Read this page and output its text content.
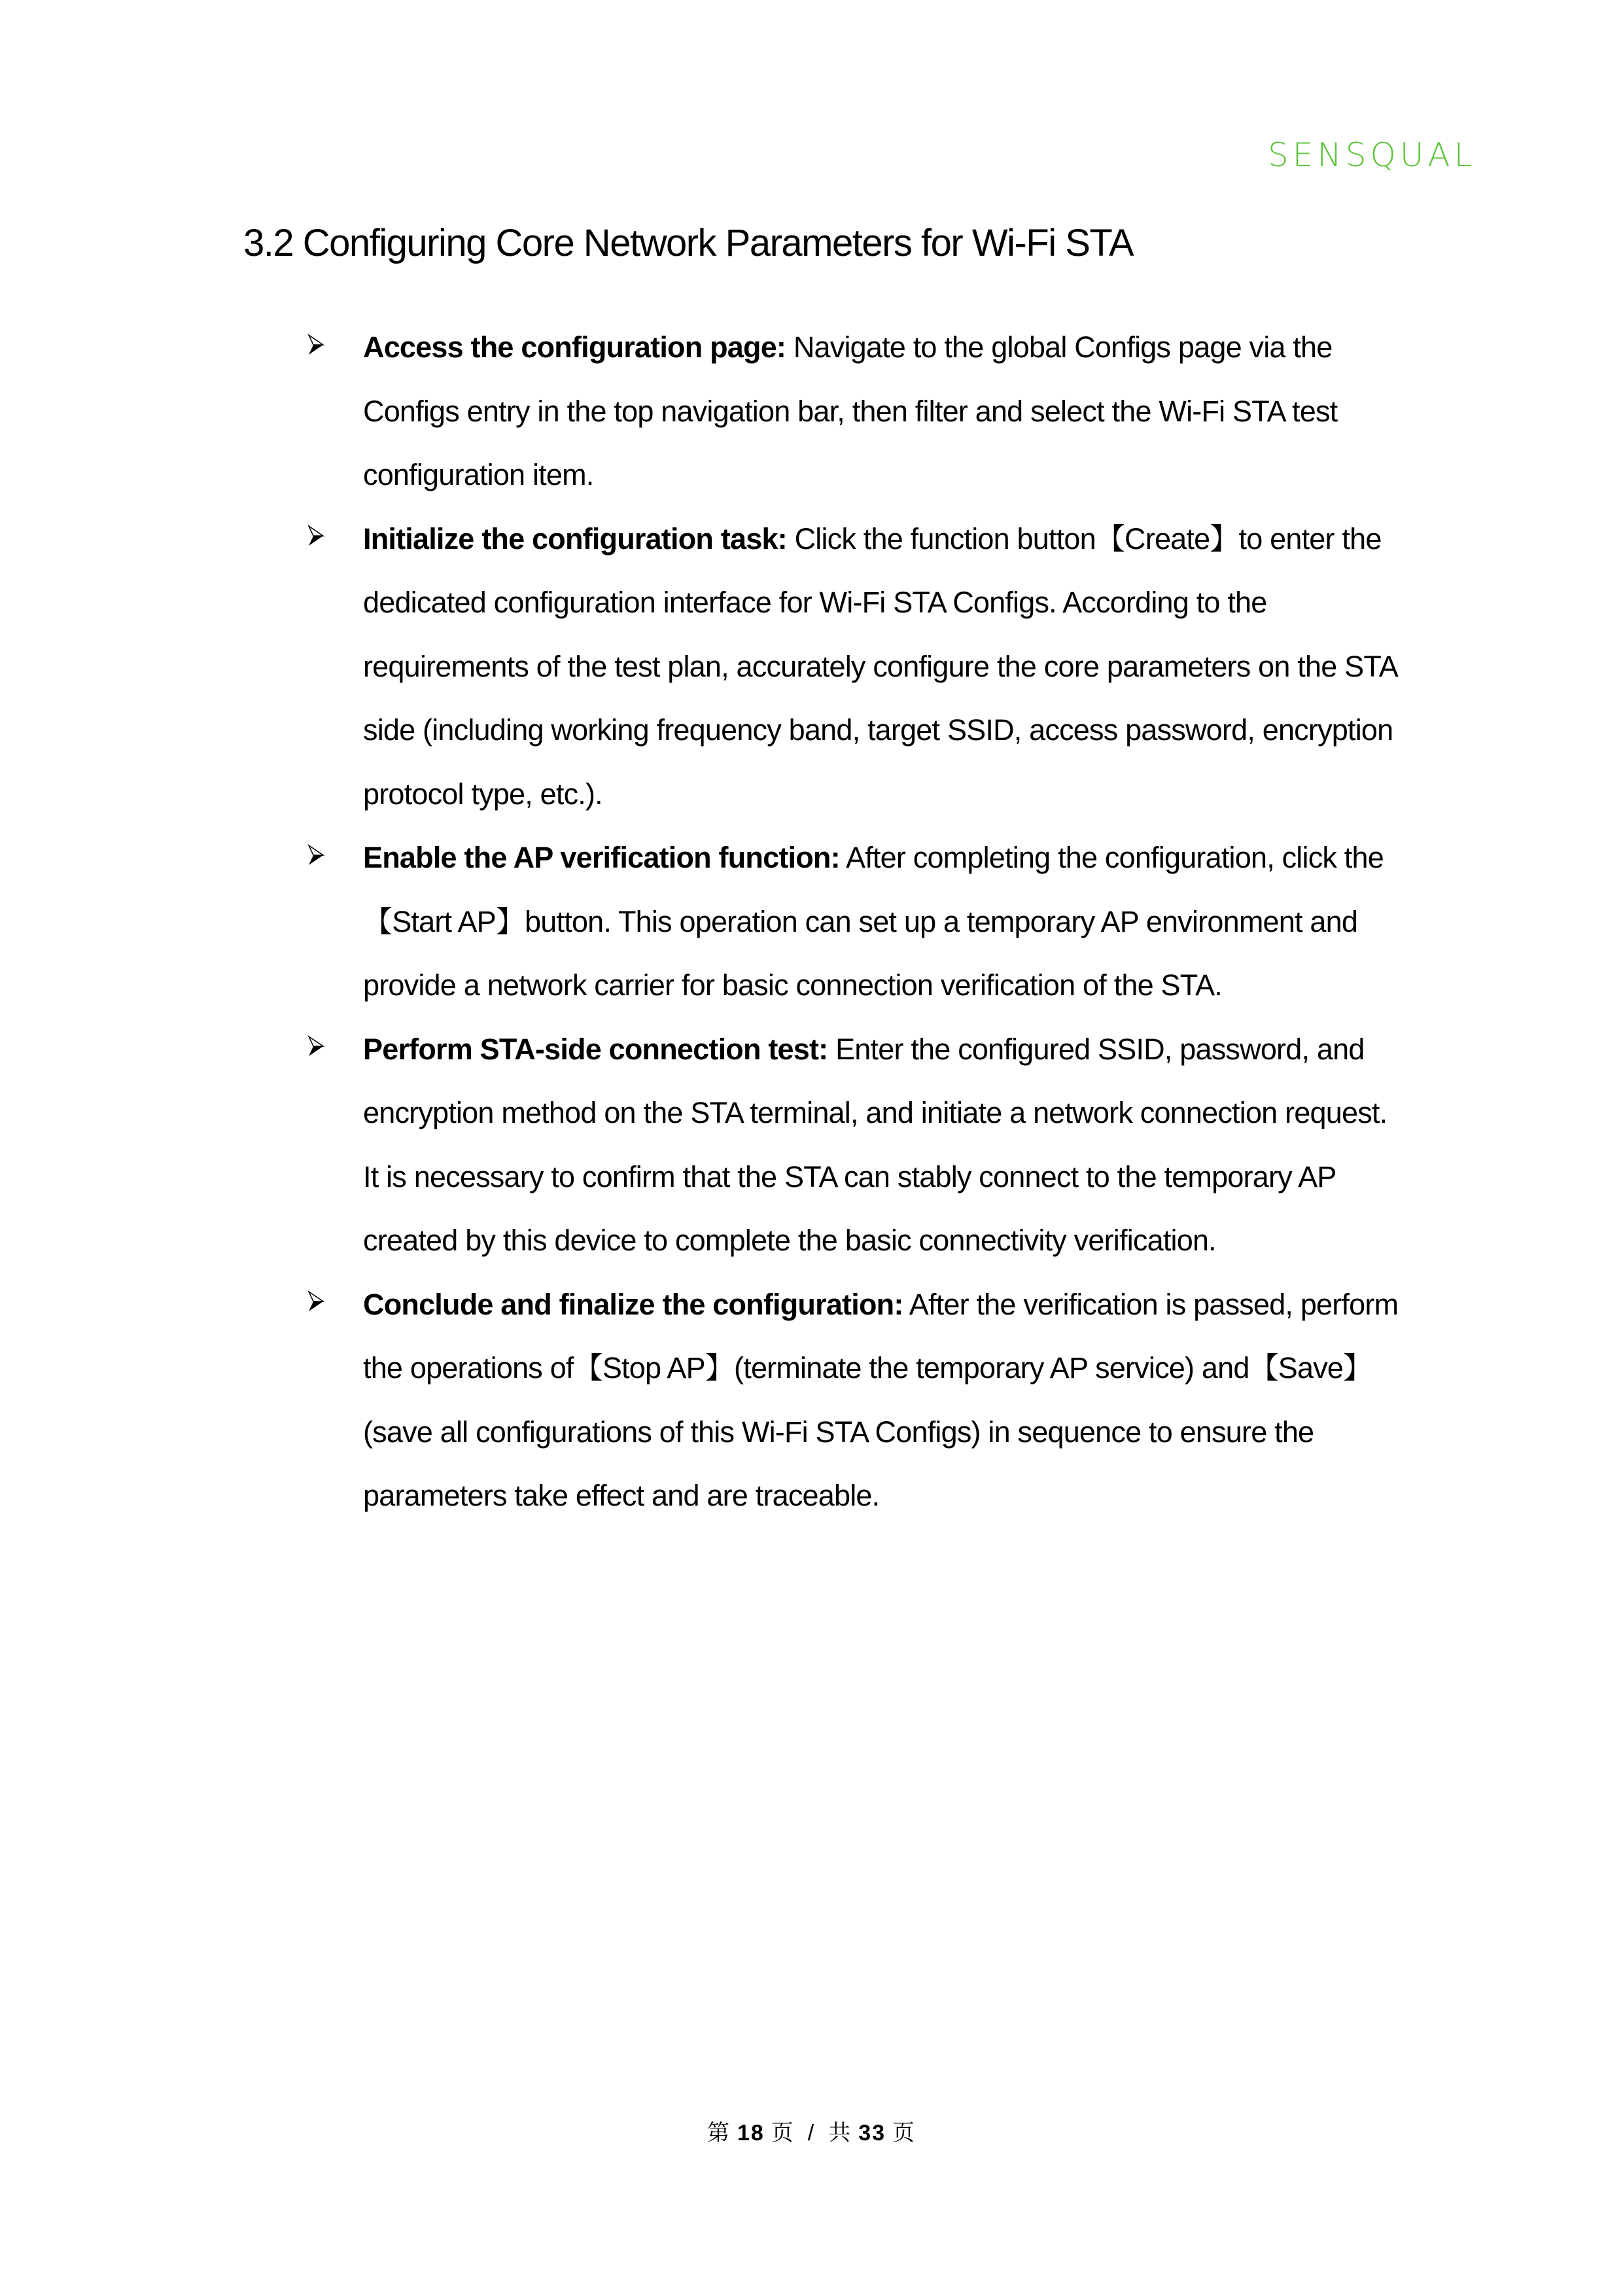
SENSQUAL
3.2 Configuring Core Network Parameters for Wi-Fi STA
Access the configuration page: Navigate to the global Configs page via the Configs entry in the top navigation bar, then filter and select the Wi-Fi STA test configuration item.
Initialize the configuration task: Click the function button【Create】to enter the dedicated configuration interface for Wi-Fi STA Configs. According to the requirements of the test plan, accurately configure the core parameters on the STA side (including working frequency band, target SSID, access password, encryption protocol type, etc.).
Enable the AP verification function: After completing the configuration, click the【Start AP】button. This operation can set up a temporary AP environment and provide a network carrier for basic connection verification of the STA.
Perform STA-side connection test: Enter the configured SSID, password, and encryption method on the STA terminal, and initiate a network connection request. It is necessary to confirm that the STA can stably connect to the temporary AP created by this device to complete the basic connectivity verification.
Conclude and finalize the configuration: After the verification is passed, perform the operations of【Stop AP】(terminate the temporary AP service) and【Save】(save all configurations of this Wi-Fi STA Configs) in sequence to ensure the parameters take effect and are traceable.
第 18 页 / 共 33 页
